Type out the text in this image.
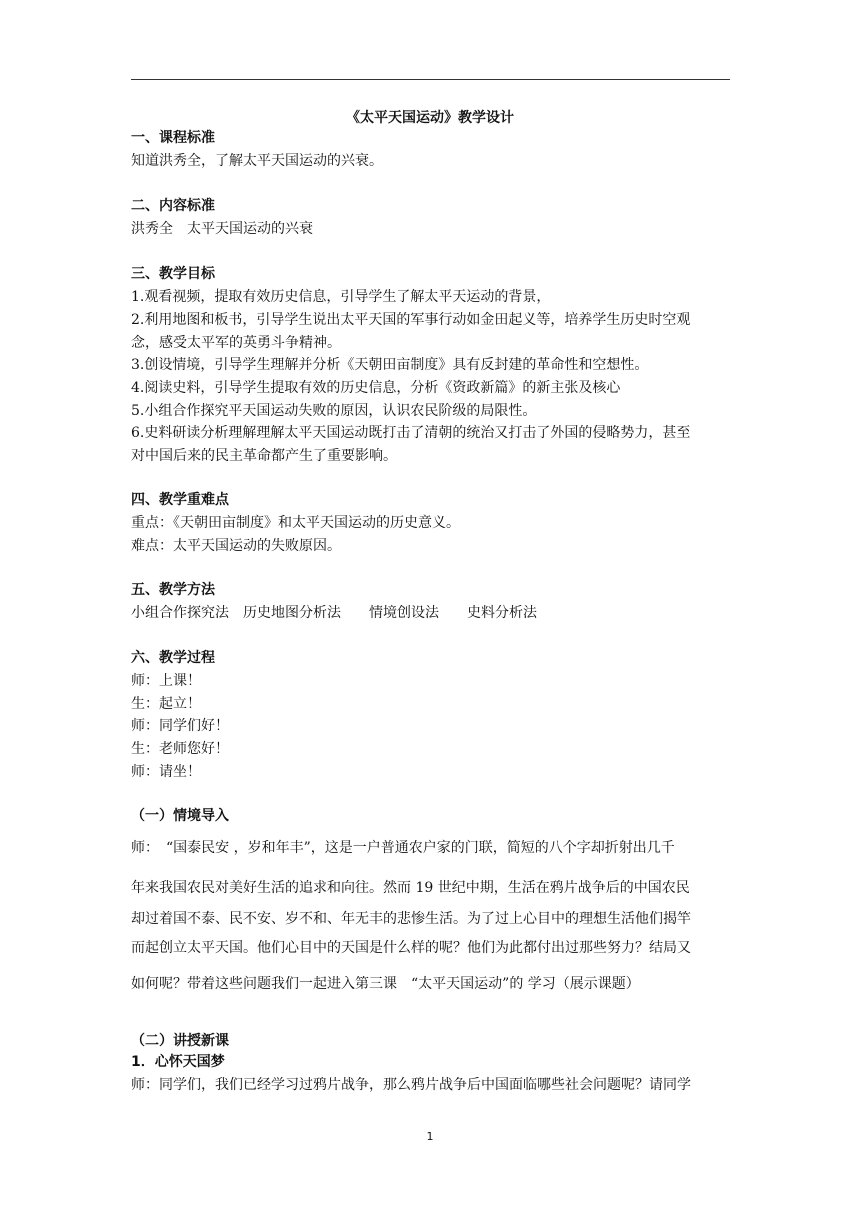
《太平天国运动》教学设计
一、课程标准
知道洪秀全，了解太平天国运动的兴衰。
二、内容标准
洪秀全　太平天国运动的兴衰
三、教学目标
1.观看视频，提取有效历史信息，引导学生了解太平天运动的背景，
2.利用地图和板书，引导学生说出太平天国的军事行动如金田起义等，培养学生历史时空观
念，感受太平军的英勇斗争精神。
3.创设情境，引导学生理解并分析《天朝田亩制度》具有反封建的革命性和空想性。
4.阅读史料，引导学生提取有效的历史信息，分析《资政新篇》的新主张及核心
5.小组合作探究平天国运动失败的原因，认识农民阶级的局限性。
6.史料研读分析理解理解太平天国运动既打击了清朝的统治又打击了外国的侵略势力，甚至
对中国后来的民主革命都产生了重要影响。
四、教学重难点
重点：《天朝田亩制度》和太平天国运动的历史意义。
难点：太平天国运动的失败原因。
五、教学方法
小组合作探究法　历史地图分析法　　情境创设法　　史料分析法
六、教学过程
师：上课！
生：起立！
师：同学们好！
生：老师您好！
师：请坐！
（一）情境导入
师：　“国泰民安 ，岁和年丰”，这是一户普通农户家的门联，简短的八个字却折射出几千
年来我国农民对美好生活的追求和向往。然而 19 世纪中期，生活在鸦片战争后的中国农民
却过着国不泰、民不安、岁不和、年无丰的悲惨生活。为了过上心目中的理想生活他们揭竿
而起创立太平天国。他们心目中的天国是什么样的呢？他们为此都付出过那些努力？结局又
如何呢？带着这些问题我们一起进入第三课　“太平天国运动”的 学习（展示课题）
（二）讲授新课
1．心怀天国梦
师：同学们，我们已经学习过鸦片战争，那么鸦片战争后中国面临哪些社会问题呢？请同学
1
